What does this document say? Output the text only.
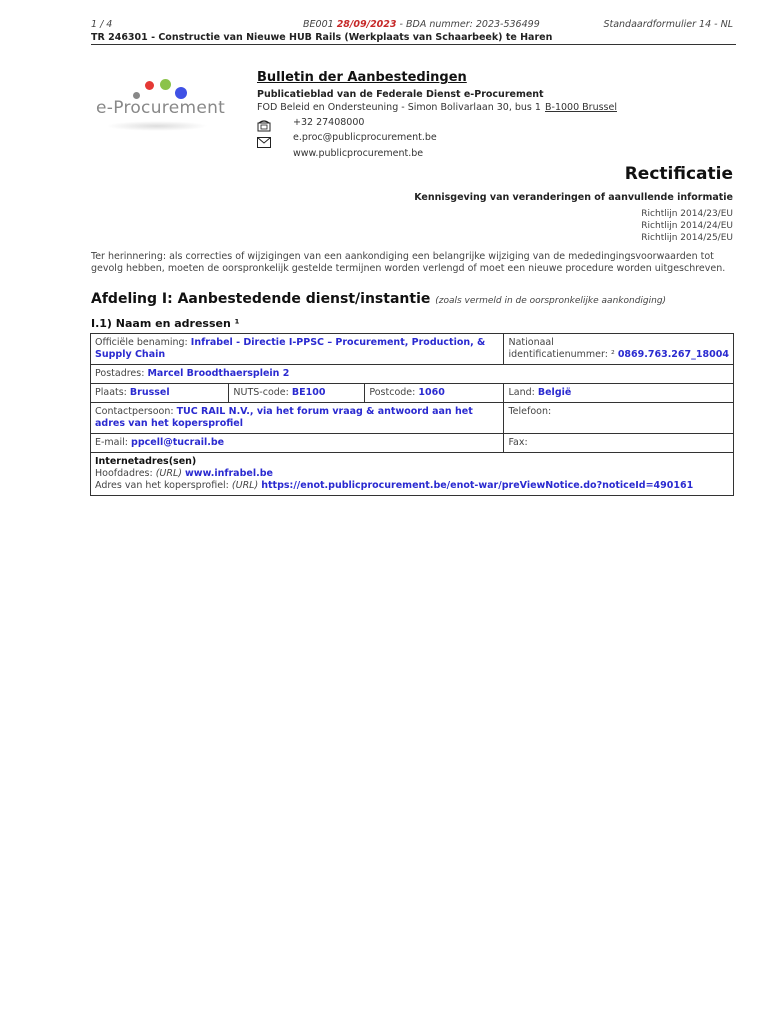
1 / 4	BE001 28/09/2023 - BDA nummer: 2023-536499	Standaardformulier 14 - NL
TR 246301 - Constructie van Nieuwe HUB Rails (Werkplaats van Schaarbeek) te Haren
e-Procurement
Bulletin der Aanbestedingen
Publicatieblad van de Federale Dienst e-Procurement
FOD Beleid en Ondersteuning - Simon Bolivarlaan 30, bus 1 B-1000 Brussel
+32 27408000
e.proc@publicprocurement.be
www.publicprocurement.be
Rectificatie
Kennisgeving van veranderingen of aanvullende informatie
Richtlijn 2014/23/EU
Richtlijn 2014/24/EU
Richtlijn 2014/25/EU
Ter herinnering: als correcties of wijzigingen van een aankondiging een belangrijke wijziging van de mededingingsvoorwaarden tot gevolg hebben, moeten de oorspronkelijk gestelde termijnen worden verlengd of moet een nieuwe procedure worden uitgeschreven.
Afdeling I: Aanbestedende dienst/instantie (zoals vermeld in de oorspronkelijke aankondiging)
I.1) Naam en adressen ¹
Officiële benaming: Infrabel - Directie I-PPSC – Procurement, Production, & Supply Chain			Nationaal
identificatienummer: ² 0869.763.267_18004
Postadres: Marcel Broodthaersplein 2			
Plaats: Brussel	NUTS-code: BE100	Postcode: 1060	Land: België
Contactpersoon: TUC RAIL N.V., via het forum vraag & antwoord aan het adres van het kopersprofiel			Telefoon:
E-mail: ppcell@tucrail.be			Fax:

Internetadres(sen)
Hoofdadres: (URL) www.infrabel.be
Adres van het kopersprofiel: (URL) https://enot.publicprocurement.be/enot-war/preViewNotice.do?noticeId=490161			
